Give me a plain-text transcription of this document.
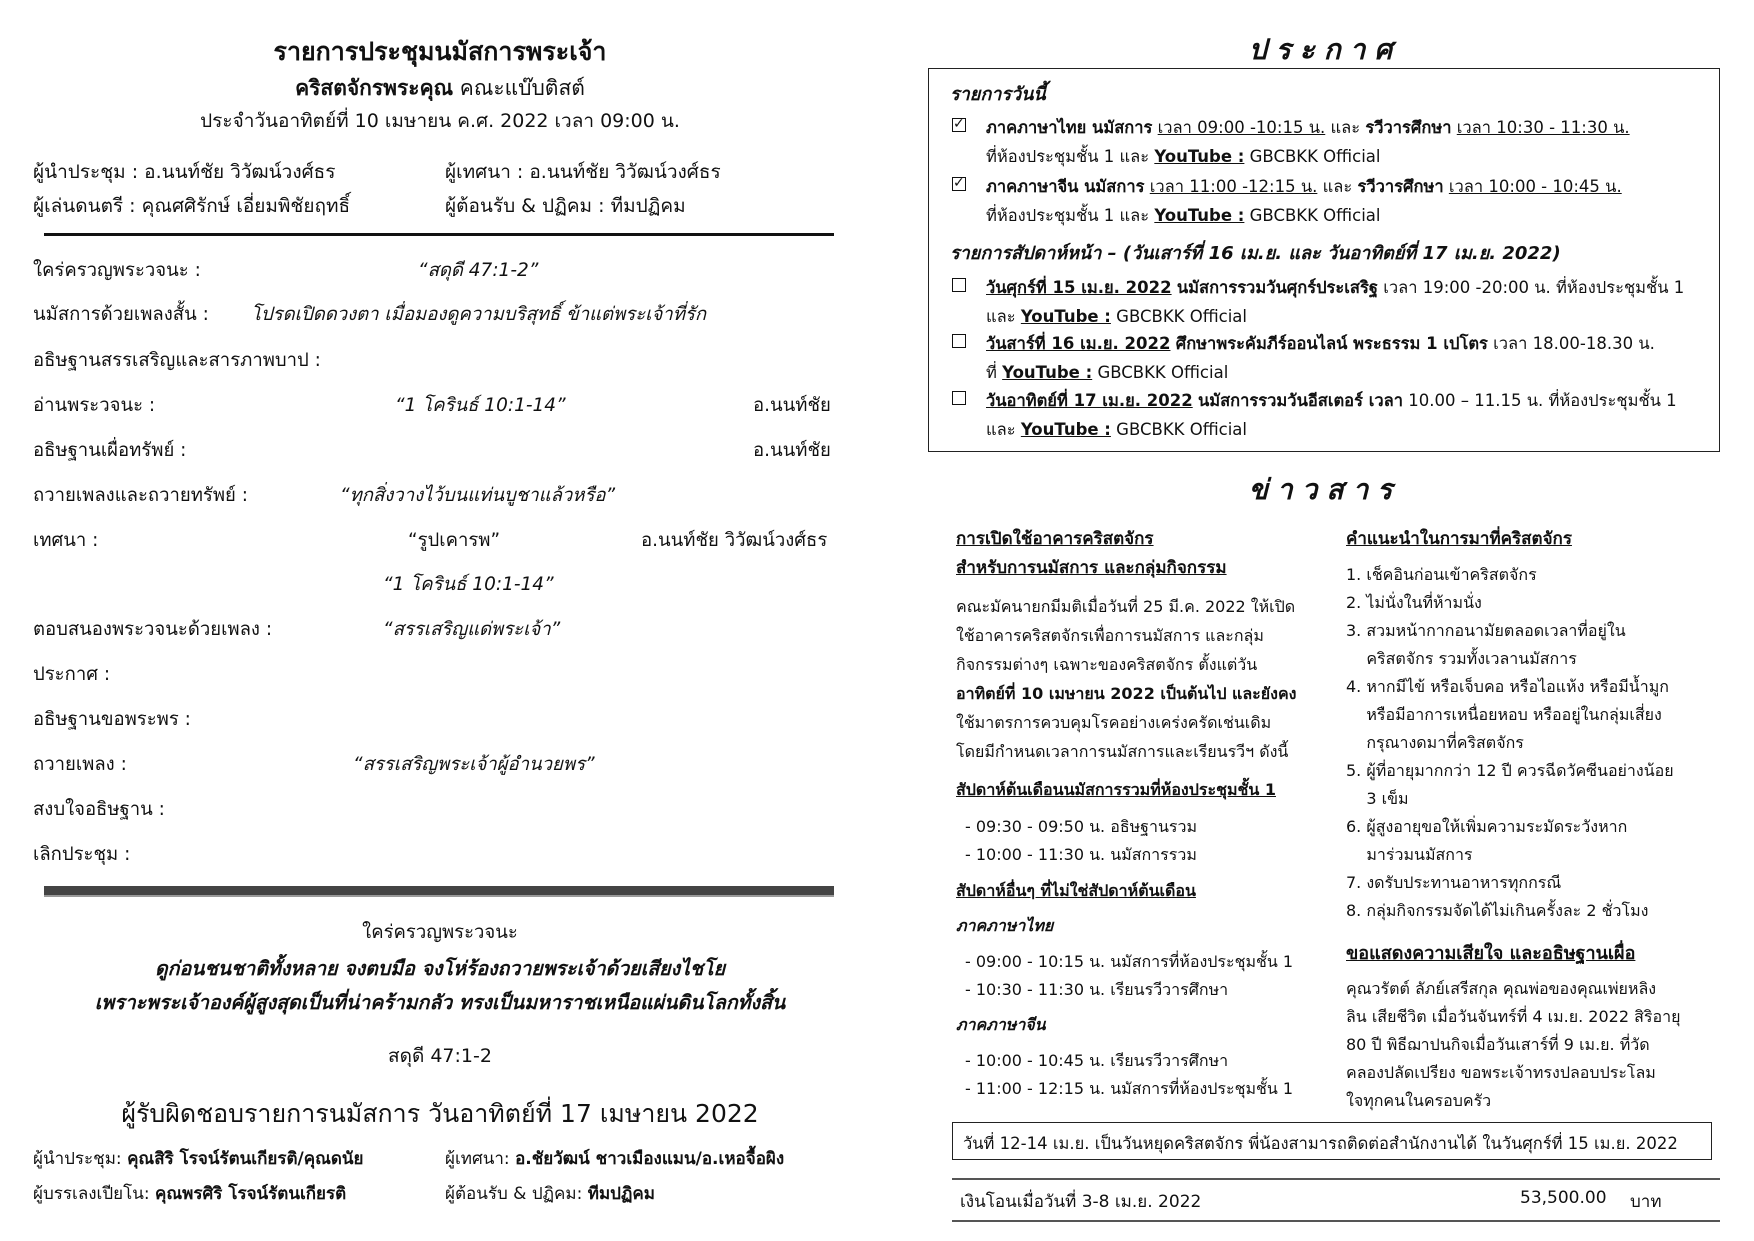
รายการประชุมนมัสการพระเจ้า
คริสตจักรพระคุณ คณะแบ๊บติสต์
ประจำวันอาทิตย์ที่ 10 เมษายน ค.ศ. 2022 เวลา 09:00 น.
ผู้นำประชุม : อ.นนท์ชัย วิวัฒน์วงศ์ธร	ผู้เทศนา : อ.นนท์ชัย วิวัฒน์วงศ์ธร
ผู้เล่นดนตรี : คุณศศิรักษ์ เอี่ยมพิชัยฤทธิ์	ผู้ต้อนรับ & ปฏิคม : ทีมปฏิคม
ใคร่ครวญพระวจนะ :	“สดุดี 47:1-2”
นมัสการด้วยเพลงสั้น : โปรดเปิดดวงตา เมื่อมองดูความบริสุทธิ์ ข้าแต่พระเจ้าที่รัก
อธิษฐานสรรเสริญและสารภาพบาป :
อ่านพระวจนะ :	“1 โครินธ์ 10:1-14”	อ.นนท์ชัย
อธิษฐานเผื่อทรัพย์ :	อ.นนท์ชัย
ถวายเพลงและถวายทรัพย์ :	“ทุกสิ่งวางไว้บนแท่นบูชาแล้วหรือ”
เทศนา :	“รูปเคารพ”	อ.นนท์ชัย วิวัฒน์วงศ์ธร
“1 โครินธ์ 10:1-14”
ตอบสนองพระวจนะด้วยเพลง :	“สรรเสริญแด่พระเจ้า”
ประกาศ :
อธิษฐานขอพระพร :
ถวายเพลง :	“สรรเสริญพระเจ้าผู้อำนวยพร”
สงบใจอธิษฐาน :
เลิกประชุม :
ใคร่ครวญพระวจนะ
ดูก่อนชนชาติทั้งหลาย จงตบมือ จงโห่ร้องถวายพระเจ้าด้วยเสียงไชโย
เพราะพระเจ้าองค์ผู้สูงสุดเป็นที่น่าคร้ามกลัว ทรงเป็นมหาราชเหนือแผ่นดินโลกทั้งสิ้น
สดุดี 47:1-2
ผู้รับผิดชอบรายการนมัสการ วันอาทิตย์ที่ 17 เมษายน 2022
ผู้นำประชุม: คุณสิริ โรจน์รัตนเกียรติ/คุณดนัย	ผู้เทศนา: อ.ชัยวัฒน์ ชาวเมืองแมน/อ.เหอจื้อผิง
ผู้บรรเลงเปียโน: คุณพรศิริ โรจน์รัตนเกียรติ	ผู้ต้อนรับ & ปฏิคม: ทีมปฏิคม
ประกาศ
รายการวันนี้
✓
ภาคภาษาไทย นมัสการ เวลา 09:00 -10:15 น. และ รวีวารศึกษา เวลา 10:30 - 11:30 น.
ที่ห้องประชุมชั้น 1 และ YouTube : GBCBKK Official
✓
ภาคภาษาจีน นมัสการ เวลา 11:00 -12:15 น. และ รวีวารศึกษา เวลา 10:00 - 10:45 น.
ที่ห้องประชุมชั้น 1 และ YouTube : GBCBKK Official
รายการสัปดาห์หน้า – (วันเสาร์ที่ 16 เม.ย. และ วันอาทิตย์ที่ 17 เม.ย. 2022)
วันศุกร์ที่ 15 เม.ย. 2022 นมัสการรวมวันศุกร์ประเสริฐ เวลา 19:00 -20:00 น. ที่ห้องประชุมชั้น 1
และ YouTube : GBCBKK Official
วันสาร์ที่ 16 เม.ย. 2022 ศึกษาพระคัมภีร์ออนไลน์ พระธรรม 1 เปโตร เวลา 18.00-18.30 น.
ที่ YouTube : GBCBKK Official
วันอาทิตย์ที่ 17 เม.ย. 2022 นมัสการรวมวันอีสเตอร์ เวลา 10.00 – 11.15 น. ที่ห้องประชุมชั้น 1
และ YouTube : GBCBKK Official
ข่าวสาร
การเปิดใช้อาคารคริสตจักร
สำหรับการนมัสการ และกลุ่มกิจกรรม
คณะมัคนายกมีมติเมื่อวันที่ 25 มี.ค. 2022 ให้เปิด
ใช้อาคารคริสตจักรเพื่อการนมัสการ และกลุ่ม
กิจกรรมต่างๆ เฉพาะของคริสตจักร ตั้งแต่วัน
อาทิตย์ที่ 10 เมษายน 2022 เป็นต้นไป และยังคง
ใช้มาตรการควบคุมโรคอย่างเคร่งครัดเช่นเดิม
โดยมีกำหนดเวลาการนมัสการและเรียนรวีฯ ดังนี้
สัปดาห์ต้นเดือนนมัสการรวมที่ห้องประชุมชั้น 1
- 09:30 - 09:50 น. อธิษฐานรวม
- 10:00 - 11:30 น. นมัสการรวม
สัปดาห์อื่นๆ ที่ไม่ใช่สัปดาห์ต้นเดือน
ภาคภาษาไทย
- 09:00 - 10:15 น. นมัสการที่ห้องประชุมชั้น 1
- 10:30 - 11:30 น. เรียนรวีวารศึกษา
ภาคภาษาจีน
- 10:00 - 10:45 น. เรียนรวีวารศึกษา
- 11:00 - 12:15 น. นมัสการที่ห้องประชุมชั้น 1
คำแนะนำในการมาที่คริสตจักร
1. เช็คอินก่อนเข้าคริสตจักร
2. ไม่นั่งในที่ห้ามนั่ง
3. สวมหน้ากากอนามัยตลอดเวลาที่อยู่ใน
คริสตจักร รวมทั้งเวลานมัสการ
4. หากมีไข้ หรือเจ็บคอ หรือไอแห้ง หรือมีน้ำมูก
หรือมีอาการเหนื่อยหอบ หรืออยู่ในกลุ่มเสี่ยง
กรุณางดมาที่คริสตจักร
5. ผู้ที่อายุมากกว่า 12 ปี ควรฉีดวัคซีนอย่างน้อย
3 เข็ม
6. ผู้สูงอายุขอให้เพิ่มความระมัดระวังหาก
มาร่วมนมัสการ
7. งดรับประทานอาหารทุกกรณี
8. กลุ่มกิจกรรมจัดได้ไม่เกินครั้งละ 2 ชั่วโมง
ขอแสดงความเสียใจ และอธิษฐานเผื่อ
คุณวรัตต์ ลัภย์เสรีสกุล คุณพ่อของคุณเพ่ยหลิง
ลิน เสียชีวิต เมื่อวันจันทร์ที่ 4 เม.ย. 2022 สิริอายุ
80 ปี พิธีฌาปนกิจเมื่อวันเสาร์ที่ 9 เม.ย. ที่วัด
คลองปลัดเปรียง ขอพระเจ้าทรงปลอบประโลม
ใจทุกคนในครอบครัว
วันที่ 12-14 เม.ย. เป็นวันหยุดคริสตจักร พี่น้องสามารถติดต่อสำนักงานได้ ในวันศุกร์ที่ 15 เม.ย. 2022
เงินโอนเมื่อวันที่ 3-8 เม.ย. 2022	53,500.00 บาท
